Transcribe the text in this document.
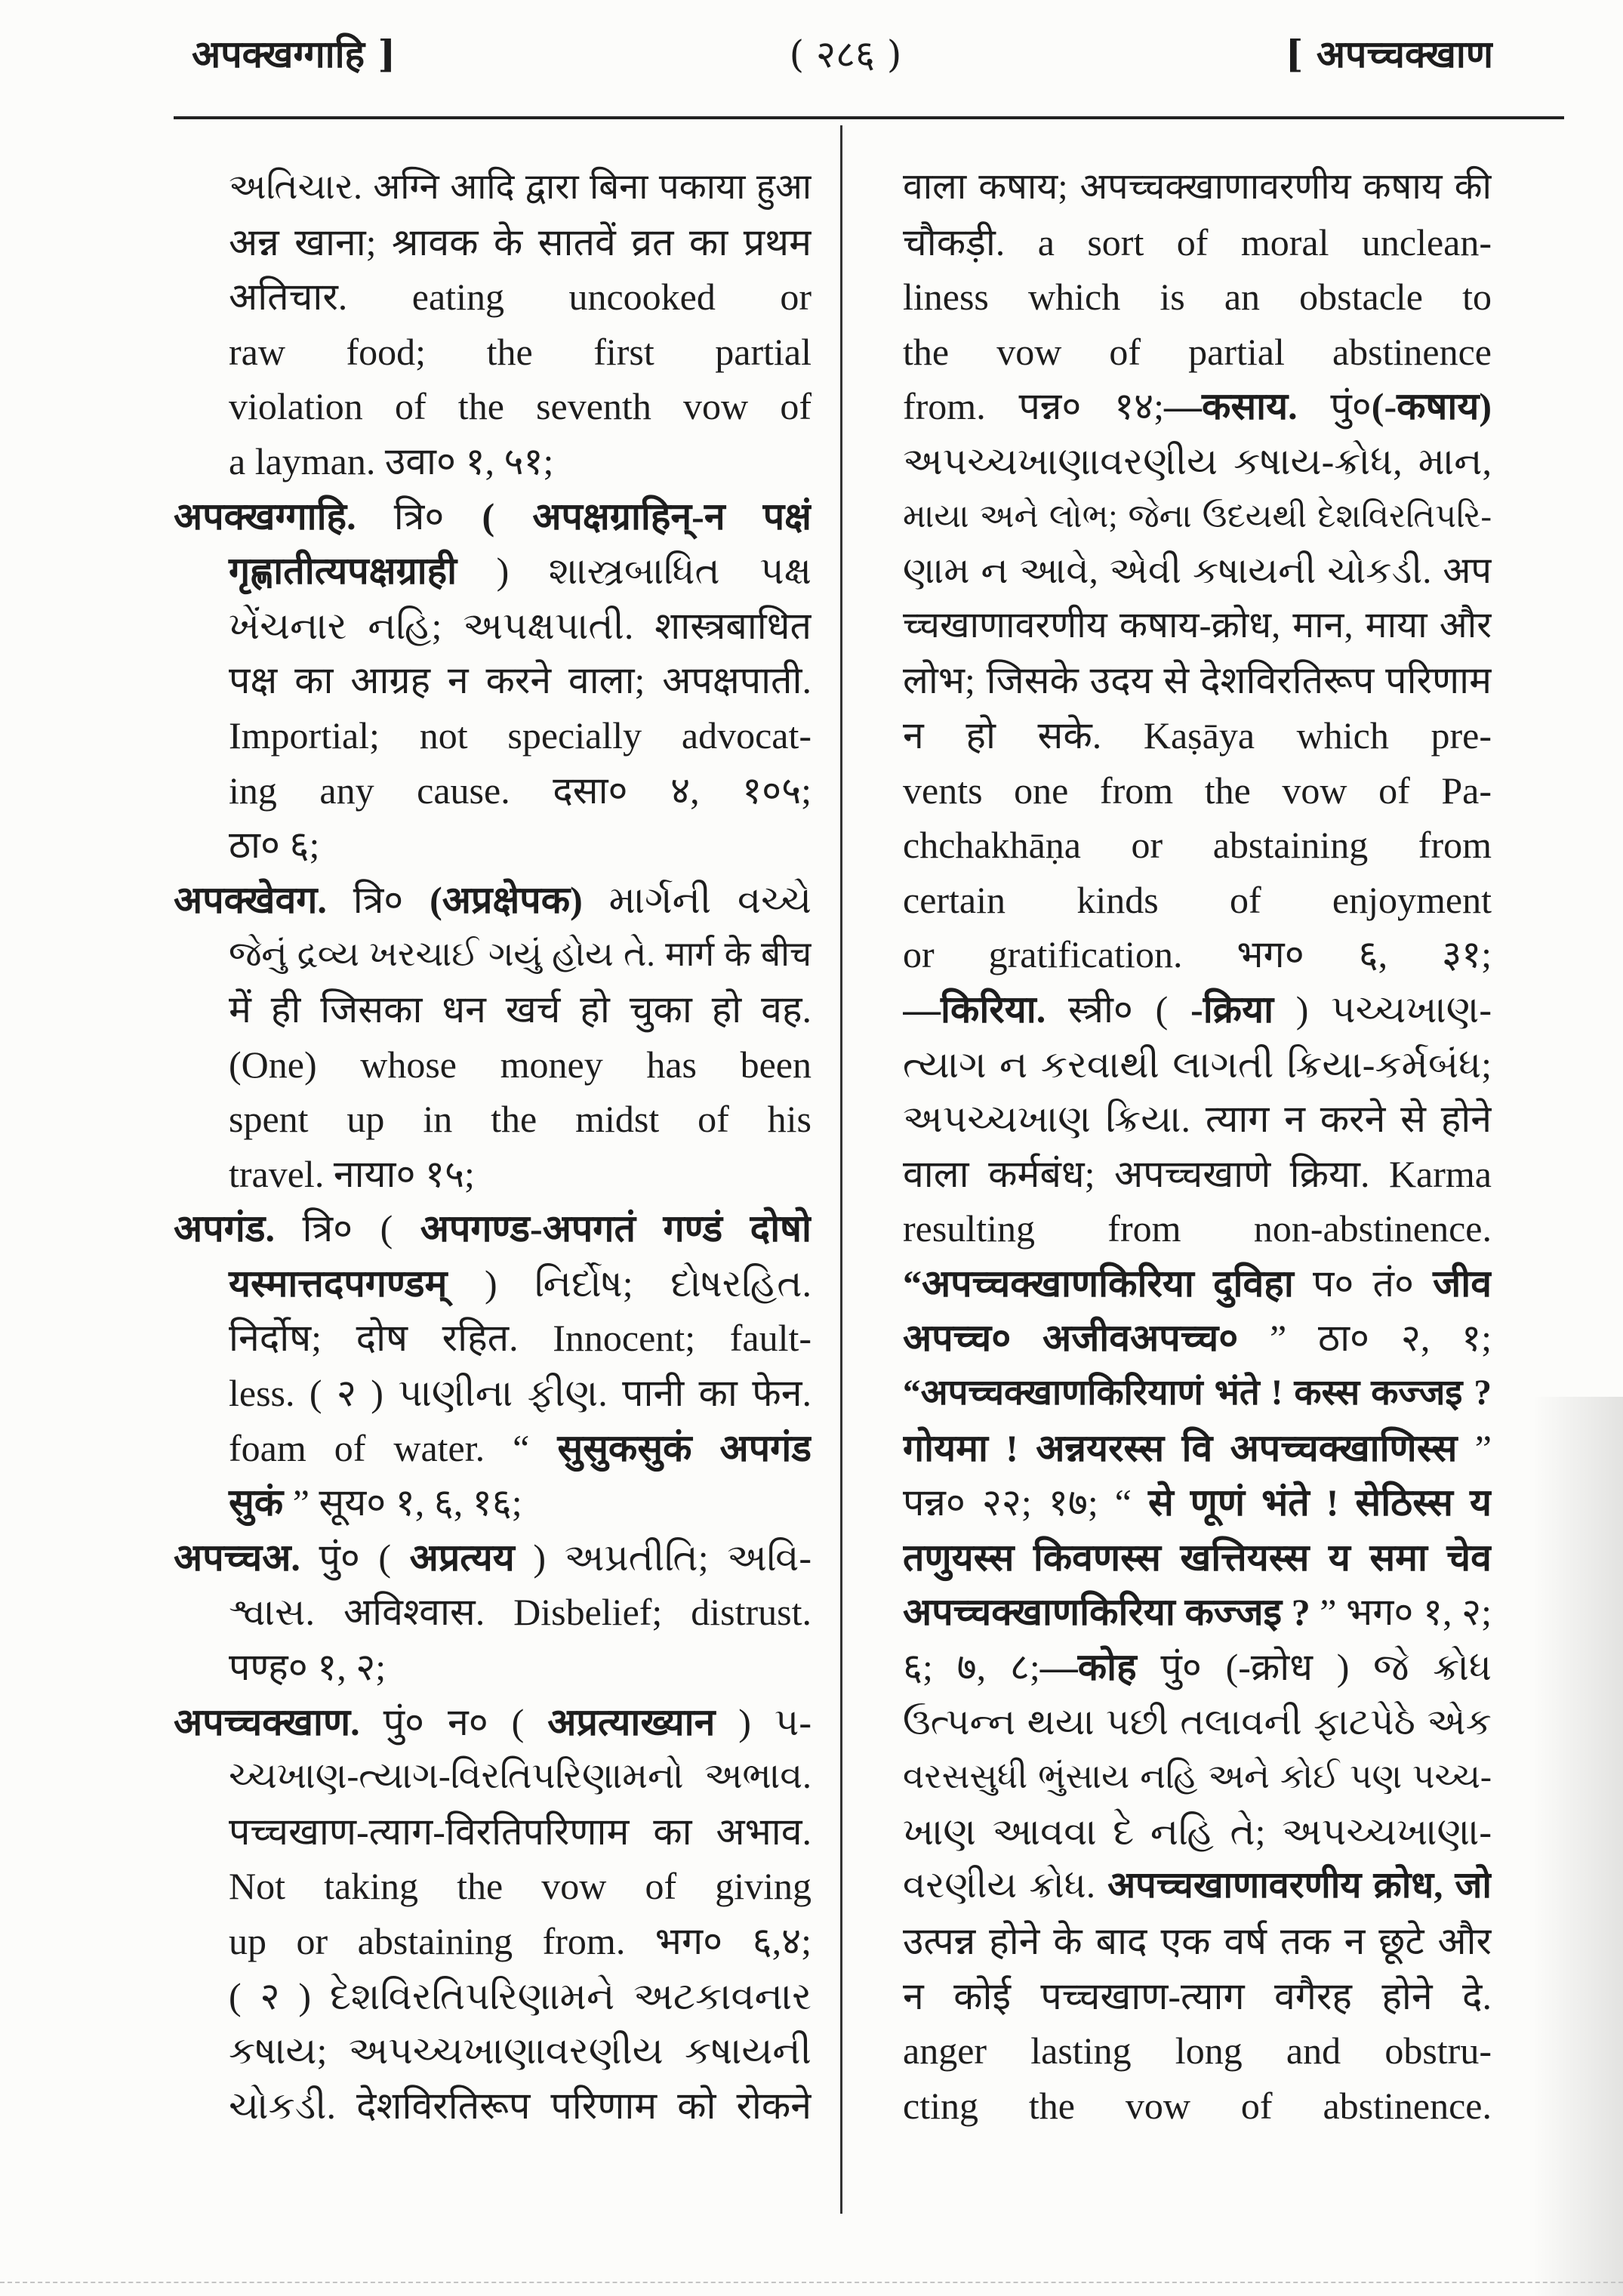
अपक्खग्गाहि ]	( २८६ )	[ अपच्चक्खाण
અતિચાર. अग्नि आदि द्वारा बिना पकाया हुआ
अन्न खाना; श्रावक के सातवें व्रत का प्रथम
अतिचार. eating uncooked or
raw food; the first partial
violation of the seventh vow of
a layman. उवा० १, ५१;
अपक्खग्गाहि. त्रि० ( अपक्षग्राहिन्-न पक्षं
गृह्णातीत्यपक्षग्राही ) શાસ્ત્રબાધિત પક્ષ
ખેંચનાર નહિ; અપક્ષપાતી. शास्त्रबाधित
पक्ष का आग्रह न करने वाला; अपक्षपाती.
Importial; not specially advocat-
ing any cause. दसा० ४, १०५;
ठा० ६;
अपक्खेवग. त्रि० (अप्रक्षेपक) માર્ગની વચ્ચે
જેનું દ્રવ્ય ખરચાઈ ગયું હોય તે. मार्ग के बीच
में ही जिसका धन खर्च हो चुका हो वह.
(One) whose money has been
spent up in the midst of his
travel. नाया० १५;
अपगंड. त्रि० ( अपगण्ड-अपगतं गण्डं दोषो
यस्मात्तदपगण्डम् ) નિર્દોષ; દોષરહિત.
निर्दोष; दोष रहित. Innocent; fault-
less. ( २ ) પાણીના ફીણ. पानी का फेन.
foam of water. “ सुसुकसुकं अपगंड
सुकं ” सूय० १, ६, १६;
अपच्चअ. पुं० ( अप्रत्यय ) અપ્રતીતિ; અવિ-
શ્વાસ. अविश्वास. Disbelief; distrust.
पण्ह० १, २;
अपच्चक्खाण. पुं० न० ( अप्रत्याख्यान ) પ-
ચ્ચખાણ-ત્યાગ-વિરતિપરિણામનો અભાવ.
पच्चखाण-त्याग-विरतिपरिणाम का अभाव.
Not taking the vow of giving
up or abstaining from. भग० ६,४;
( २ ) દેશવિરતિપરિણામને અટકાવનાર
કષાય; અપચ્ચખાણાવરણીય કષાયની
ચોકડી. देशविरतिरूप परिणाम को रोकने
वाला कषाय; अपच्चक्खाणावरणीय कषाय की
चौकड़ी. a sort of moral unclean-
liness which is an obstacle to
the vow of partial abstinence
from. पन्न० १४;—कसाय. पुं०(-कषाय)
અપચ્ચખાણાવરણીય કષાય-ક્રોધ, માન,
માયા અને લોભ; જેના ઉદયથી દેશવિરતિપરિ-
ણામ ન આવે, એવી કષાયની ચોકડી. अप
च्चखाणावरणीय कषाय-क्रोध, मान, माया और
लोभ; जिसके उदय से देशविरतिरूप परिणाम
न हो सके. Kaṣāya which pre-
vents one from the vow of Pa-
chchakhāṇa or abstaining from
certain kinds of enjoyment
or gratification. भग० ६, ३१;
—किरिया. स्त्री० ( -क्रिया ) પચ્ચખાણ-
ત્યાગ ન કરવાથી લાગતી ક્રિયા-કર્મબંધ;
અપચ્ચખાણ ક્રિયા. त्याग न करने से होने
वाला कर्मबंध; अपच्चखाणे क्रिया. Karma
resulting from non-abstinence.
“अपच्चक्खाणकिरिया दुविहा प० तं० जीव
अपच्च० अजीवअपच्च० ” ठा० २, १;
“अपच्चक्खाणकिरियाणं भंते ! कस्स कज्जइ ?
गोयमा ! अन्नयरस्स वि अपच्चक्खाणिस्स ”
पन्न० २२; १७; “ से णूणं भंते ! सेठिस्स य
तणुयस्स किवणस्स खत्तियस्स य समा चेव
अपच्चक्खाणकिरिया कज्जइ ? ” भग० १, २;
६; ७, ८;—कोह पुं० (-क्रोध ) જે ક્રોધ
ઉત્પન્ન થયા પછી તલાવની ફાટપેઠે એક
વરસસુધી ભુંસાય નહિ અને કોઈ પણ પચ્ચ-
ખાણ આવવા દે નહિ તે; અપચ્ચખાણા-
વરણીય ક્રોધ. अपच्चखाणावरणीय क्रोध, जो
उत्पन्न होने के बाद एक वर्ष तक न छूटे और
न कोई पच्चखाण-त्याग वगैरह होने दे.
anger lasting long and obstru-
cting the vow of abstinence.
